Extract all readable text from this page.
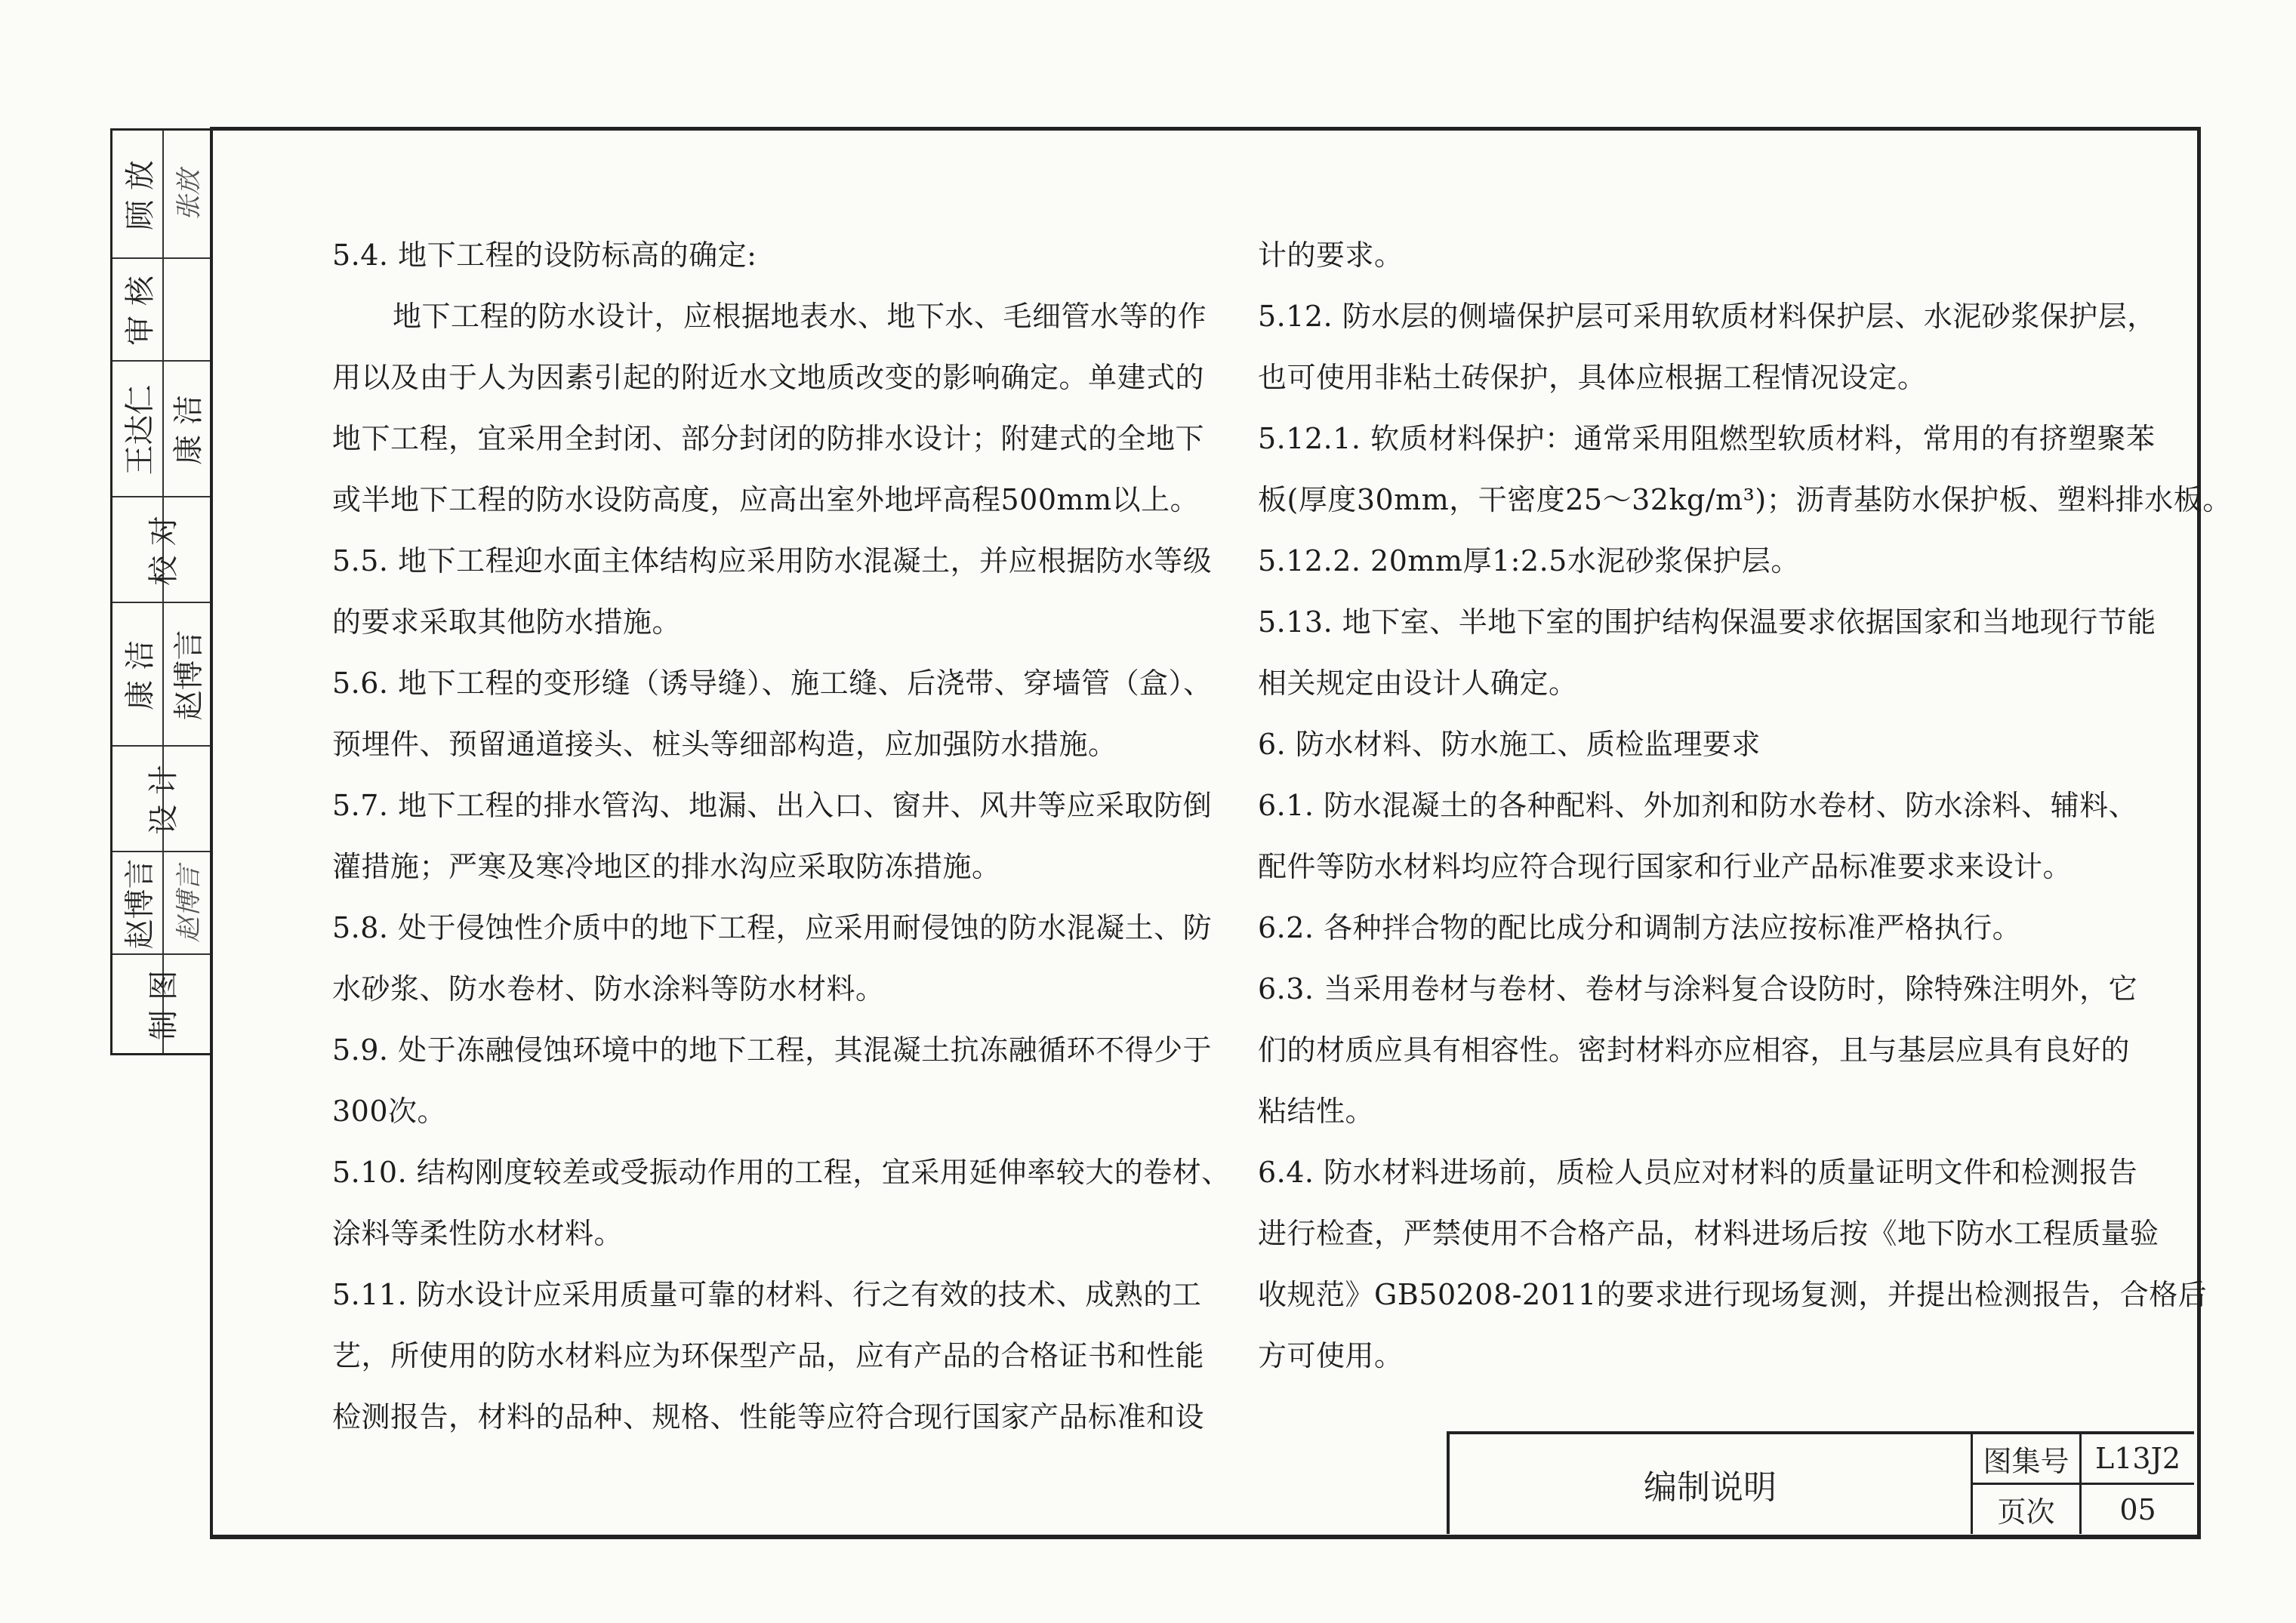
顾 放 张放
审 核
康 洁
王达仁
校 对
康 洁 赵博言
设 计
赵博言 赵博言
制 图
5.4. 地下工程的设防标高的确定:
地下工程的防水设计，应根据地表水、地下水、毛细管水等的作
用以及由于人为因素引起的附近水文地质改变的影响确定。单建式的
地下工程，宜采用全封闭、部分封闭的防排水设计；附建式的全地下
或半地下工程的防水设防高度，应高出室外地坪高程500mm以上。
5.5. 地下工程迎水面主体结构应采用防水混凝土，并应根据防水等级
的要求采取其他防水措施。
5.6. 地下工程的变形缝（诱导缝）、施工缝、后浇带、穿墙管（盒）、
预埋件、预留通道接头、桩头等细部构造，应加强防水措施。
5.7. 地下工程的排水管沟、地漏、出入口、窗井、风井等应采取防倒
灌措施；严寒及寒冷地区的排水沟应采取防冻措施。
5.8. 处于侵蚀性介质中的地下工程，应采用耐侵蚀的防水混凝土、防
水砂浆、防水卷材、防水涂料等防水材料。
5.9. 处于冻融侵蚀环境中的地下工程，其混凝土抗冻融循环不得少于
300次。
5.10. 结构刚度较差或受振动作用的工程，宜采用延伸率较大的卷材、
涂料等柔性防水材料。
5.11. 防水设计应采用质量可靠的材料、行之有效的技术、成熟的工
艺，所使用的防水材料应为环保型产品，应有产品的合格证书和性能
检测报告，材料的品种、规格、性能等应符合现行国家产品标准和设
计的要求。
5.12. 防水层的侧墙保护层可采用软质材料保护层、水泥砂浆保护层，
也可使用非粘土砖保护，具体应根据工程情况设定。
5.12.1. 软质材料保护：通常采用阻燃型软质材料，常用的有挤塑聚苯
板(厚度30mm，干密度25～32kg/m³)；沥青基防水保护板、塑料排水板。
5.12.2. 20mm厚1:2.5水泥砂浆保护层。
5.13. 地下室、半地下室的围护结构保温要求依据国家和当地现行节能
相关规定由设计人确定。
6. 防水材料、防水施工、质检监理要求
6.1. 防水混凝土的各种配料、外加剂和防水卷材、防水涂料、辅料、
配件等防水材料均应符合现行国家和行业产品标准要求来设计。
6.2. 各种拌合物的配比成分和调制方法应按标准严格执行。
6.3. 当采用卷材与卷材、卷材与涂料复合设防时，除特殊注明外，它
们的材质应具有相容性。密封材料亦应相容，且与基层应具有良好的
粘结性。
6.4. 防水材料进场前，质检人员应对材料的质量证明文件和检测报告
进行检查，严禁使用不合格产品，材料进场后按《地下防水工程质量验
收规范》GB50208-2011的要求进行现场复测，并提出检测报告，合格后
方可使用。
编制说明
图集号 L13J2
页次	05
